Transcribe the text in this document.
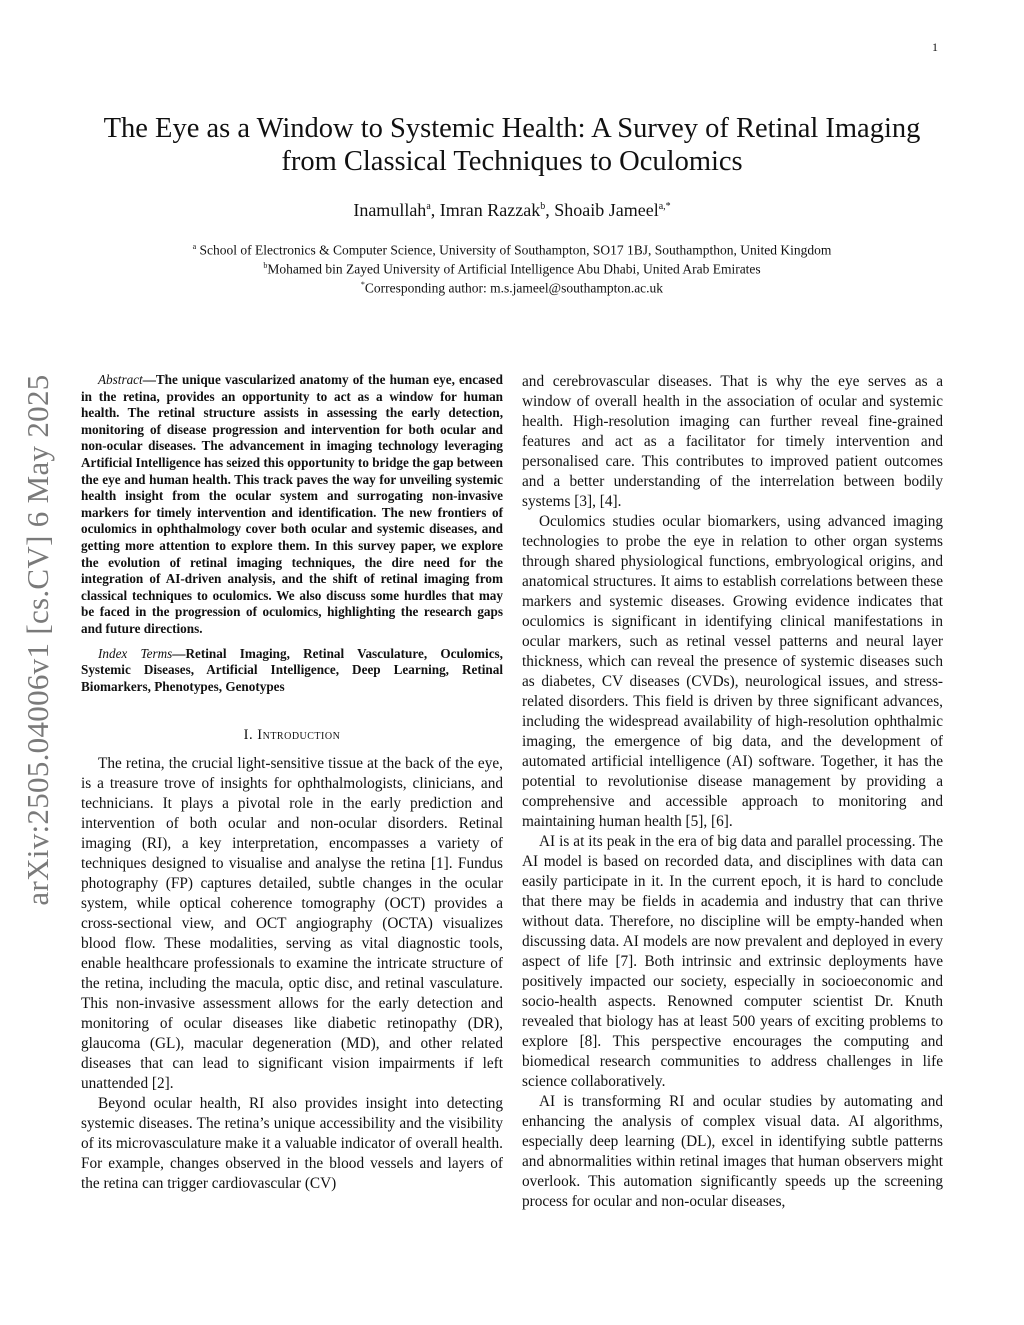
1
arXiv:2505.04006v1 [cs.CV] 6 May 2025
The Eye as a Window to Systemic Health: A Survey of Retinal Imaging
from Classical Techniques to Oculomics
Inamullah$^a$, Imran Razzak$^b$, Shoaib Jameel$^{a,*}$
$^a$ School of Electronics & Computer Science, University of Southampton, SO17 1BJ, Southampthon, United Kingdom
$^b$Mohamed bin Zayed University of Artificial Intelligence Abu Dhabi, United Arab Emirates
*Corresponding author: m.s.jameel@southampton.ac.uk

Abstract—The unique vascularized anatomy of the human eye, encased in the retina, provides an opportunity to act as a window for human health. The retinal structure assists in assessing the early detection, monitoring of disease progression and intervention for both ocular and non-ocular diseases. The advancement in imaging technology leveraging Artificial Intelligence has seized this opportunity to bridge the gap between the eye and human health. This track paves the way for unveiling systemic health insight from the ocular system and surrogating non-invasive markers for timely intervention and identification. The new frontiers of oculomics in ophthalmology cover both ocular and systemic diseases, and getting more attention to explore them. In this survey paper, we explore the evolution of retinal imaging techniques, the dire need for the integration of AI-driven analysis, and the shift of retinal imaging from classical techniques to oculomics. We also discuss some hurdles that may be faced in the progression of oculomics, highlighting the research gaps and future directions.

Index Terms—Retinal Imaging, Retinal Vasculature, Oculomics, Systemic Diseases, Artificial Intelligence, Deep Learning, Retinal Biomarkers, Phenotypes, Genotypes

I. Introduction

The retina, the crucial light-sensitive tissue at the back of the eye, is a treasure trove of insights for ophthalmologists, clinicians, and technicians. It plays a pivotal role in the early prediction and intervention of both ocular and non-ocular disorders. Retinal imaging (RI), a key interpretation, encompasses a variety of techniques designed to visualise and analyse the retina [1]. Fundus photography (FP) captures detailed, subtle changes in the ocular system, while optical coherence tomography (OCT) provides a cross-sectional view, and OCT angiography (OCTA) visualizes blood flow. These modalities, serving as vital diagnostic tools, enable healthcare professionals to examine the intricate structure of the retina, including the macula, optic disc, and retinal vasculature. This non-invasive assessment allows for the early detection and monitoring of ocular diseases like diabetic retinopathy (DR), glaucoma (GL), macular degeneration (MD), and other related diseases that can lead to significant vision impairments if left unattended [2].

Beyond ocular health, RI also provides insight into detecting systemic diseases. The retina’s unique accessibility and the visibility of its microvasculature make it a valuable indicator of overall health. For example, changes observed in the blood vessels and layers of the retina can trigger cardiovascular (CV)

and cerebrovascular diseases. That is why the eye serves as a window of overall health in the association of ocular and systemic health. High-resolution imaging can further reveal fine-grained features and act as a facilitator for timely intervention and personalised care. This contributes to improved patient outcomes and a better understanding of the interrelation between bodily systems [3], [4].

Oculomics studies ocular biomarkers, using advanced imaging technologies to probe the eye in relation to other organ systems through shared physiological functions, embryological origins, and anatomical structures. It aims to establish correlations between these markers and systemic diseases. Growing evidence indicates that oculomics is significant in identifying clinical manifestations in ocular markers, such as retinal vessel patterns and neural layer thickness, which can reveal the presence of systemic diseases such as diabetes, CV diseases (CVDs), neurological issues, and stress-related disorders. This field is driven by three significant advances, including the widespread availability of high-resolution ophthalmic imaging, the emergence of big data, and the development of automated artificial intelligence (AI) software. Together, it has the potential to revolutionise disease management by providing a comprehensive and accessible approach to monitoring and maintaining human health [5], [6].

AI is at its peak in the era of big data and parallel processing. The AI model is based on recorded data, and disciplines with data can easily participate in it. In the current epoch, it is hard to conclude that there may be fields in academia and industry that can thrive without data. Therefore, no discipline will be empty-handed when discussing data. AI models are now prevalent and deployed in every aspect of life [7]. Both intrinsic and extrinsic deployments have positively impacted our society, especially in socioeconomic and socio-health aspects. Renowned computer scientist Dr. Knuth revealed that biology has at least 500 years of exciting problems to explore [8]. This perspective encourages the computing and biomedical research communities to address challenges in life science collaboratively.

AI is transforming RI and ocular studies by automating and enhancing the analysis of complex visual data. AI algorithms, especially deep learning (DL), excel in identifying subtle patterns and abnormalities within retinal images that human observers might overlook. This automation significantly speeds up the screening process for ocular and non-ocular diseases,
